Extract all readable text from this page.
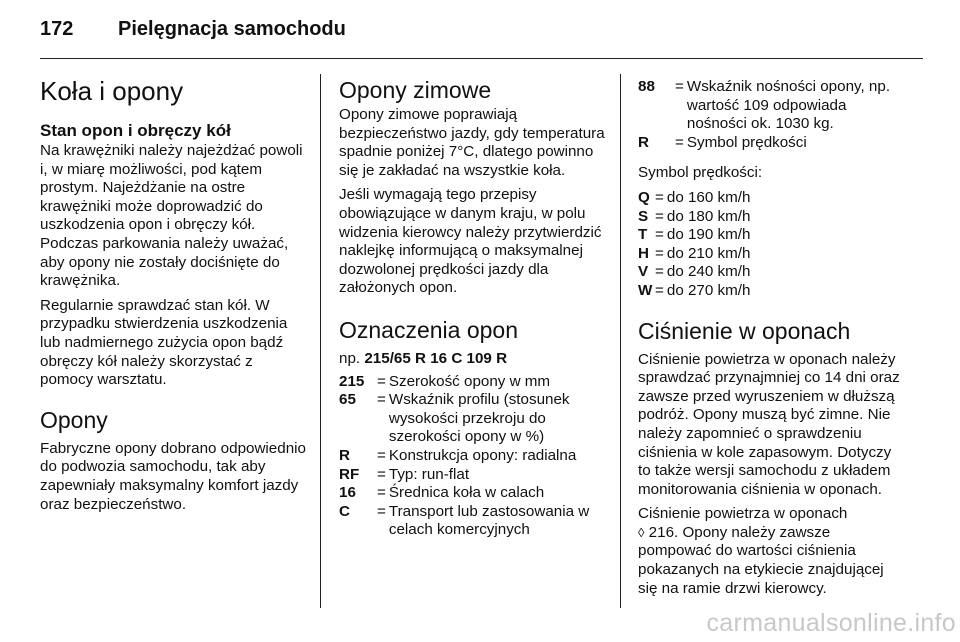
172 Pielęgnacja samochodu
Koła i opony
Stan opon i obręczy kół

Na krawężniki należy najeżdżać powoli i, w miarę możliwości, pod kątem prostym. Najeżdżanie na ostre krawężniki może doprowadzić do uszkodzenia opon i obręczy kół. Podczas parkowania należy uważać, aby opony nie zostały dociśnięte do krawężnika.

Regularnie sprawdzać stan kół. W przypadku stwierdzenia uszkodzenia lub nadmiernego zużycia opon bądź obręczy kół należy skorzystać z pomocy warsztatu.

Opony

Fabryczne opony dobrano odpowiednio do podwozia samochodu, tak aby zapewniały maksymalny komfort jazdy oraz bezpieczeństwo.

Opony zimowe

Opony zimowe poprawiają bezpieczeństwo jazdy, gdy temperatura spadnie poniżej 7°C, dlatego powinno się je zakładać na wszystkie koła.

Jeśli wymagają tego przepisy obowiązujące w danym kraju, w polu widzenia kierowcy należy przytwierdzić naklejkę informującą o maksymalnej dozwolonej prędkości jazdy dla założonych opon.

Oznaczenia opon

np. 215/65 R 16 C 109 R

215 = Szerokość opony w mm
65	= Wskaźnik profilu (stosunek wysokości przekroju do szerokości opony w %)
R	= Konstrukcja opony: radialna
RF	= Typ: run-flat
16	= Średnica koła w calach
C	= Transport lub zastosowania w celach komercyjnych
88	= Wskaźnik nośności opony, np. wartość 109 odpowiada nośności ok. 1030 kg.
R	= Symbol prędkości

Symbol prędkości:

Q = do 160 km/h
S = do 180 km/h
T = do 190 km/h
H = do 210 km/h
V = do 240 km/h
W = do 270 km/h
Ciśnienie w oponach

Ciśnienie powietrza w oponach należy sprawdzać przynajmniej co 14 dni oraz zawsze przed wyruszeniem w dłuższą podróż. Opony muszą być zimne. Nie należy zapomnieć o sprawdzeniu ciśnienia w kole zapasowym. Dotyczy to także wersji samochodu z układem monitorowania ciśnienia w oponach.

Ciśnienie powietrza w oponach
◊ 216. Opony należy zawsze pompować do wartości ciśnienia pokazanych na etykiecie znajdującej się na ramie drzwi kierowcy.

carmanualsonline.info
